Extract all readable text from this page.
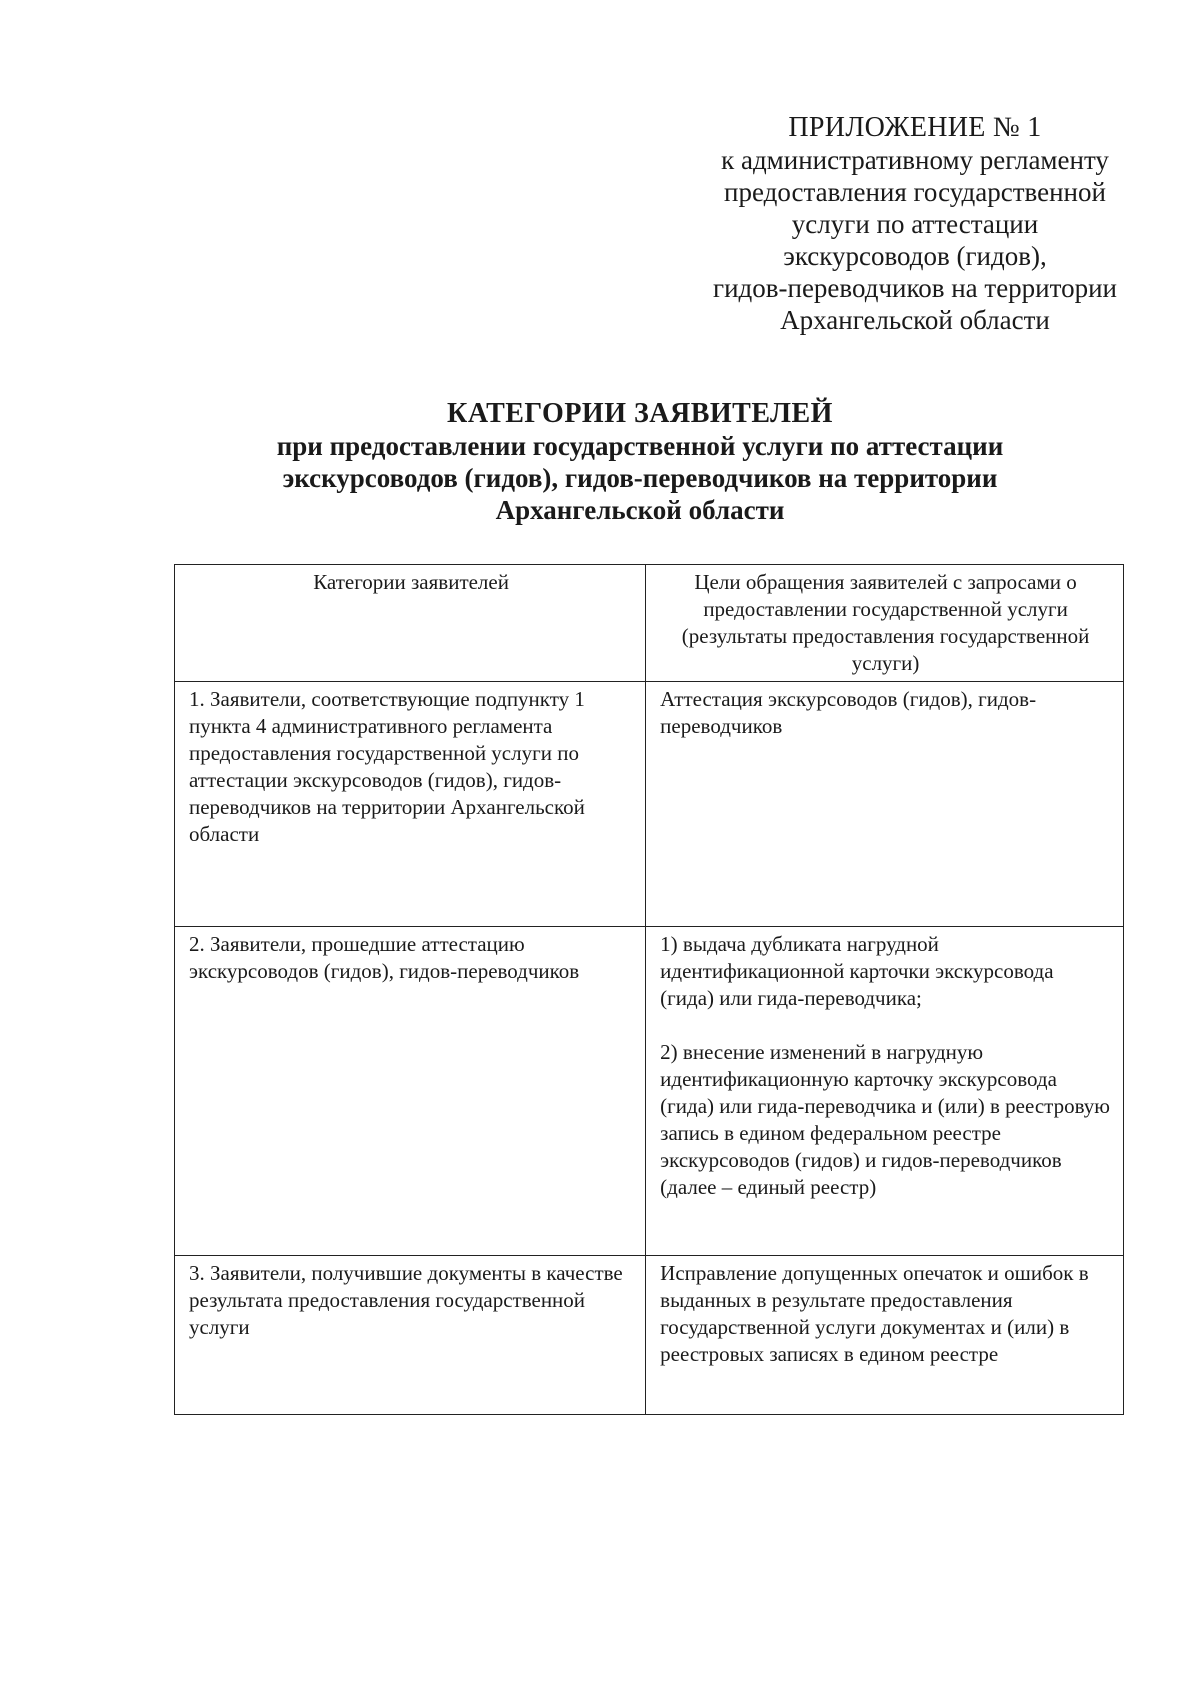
ПРИЛОЖЕНИЕ № 1
к административному регламенту
предоставления государственной
услуги по аттестации
экскурсоводов (гидов),
гидов-переводчиков на территории
Архангельской области
КАТЕГОРИИ ЗАЯВИТЕЛЕЙ
при предоставлении государственной услуги по аттестации
экскурсоводов (гидов), гидов-переводчиков на территории
Архангельской области
Категории заявителей	Цели обращения заявителей с запросами о предоставлении государственной услуги (результаты предоставления государственной услуги)

1. Заявители, соответствующие подпункту 1 пункта 4 административного регламента предоставления государственной услуги по аттестации экскурсоводов (гидов), гидов-переводчиков на территории Архангельской области	Аттестация экскурсоводов (гидов), гидов-переводчиков

2. Заявители, прошедшие аттестацию экскурсоводов (гидов), гидов-переводчиков	1) выдача дубликата нагрудной идентификационной карточки экскурсовода (гида) или гида-переводчика;
2) внесение изменений в нагрудную идентификационную карточку экскурсовода (гида) или гида-переводчика и (или) в реестровую запись в едином федеральном реестре экскурсоводов (гидов) и гидов-переводчиков (далее – единый реестр)

3. Заявители, получившие документы в качестве результата предоставления государственной услуги	Исправление допущенных опечаток и ошибок в выданных в результате предоставления государственной услуги документах и (или) в реестровых записях в едином реестре
